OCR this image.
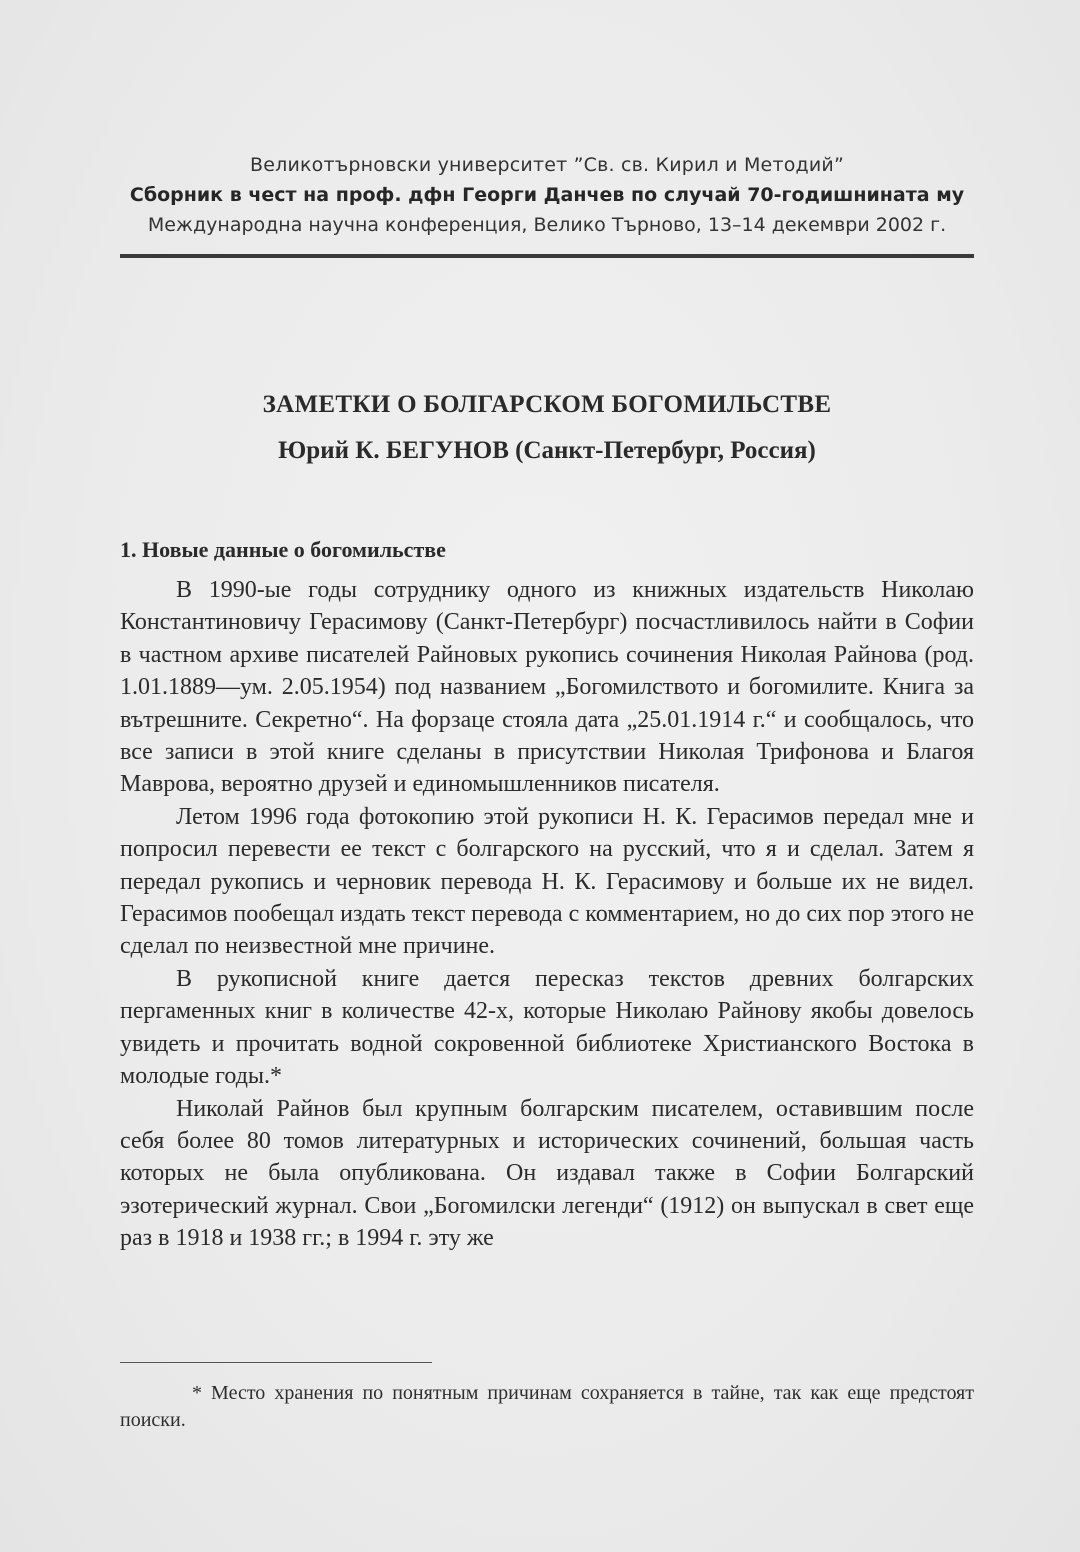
Великотърновски университет ”Св. св. Кирил и Методий”
Сборник в чест на проф. дфн Георги Данчев по случай 70-годишнината му
Международна научна конференция, Велико Търново, 13–14 декември 2002 г.
ЗАМЕТКИ О БОЛГАРСКОМ БОГОМИЛЬСТВЕ
Юрий К. БЕГУНОВ (Санкт-Петербург, Россия)
1. Новые данные о богомильстве

В 1990-ые годы сотруднику одного из книжных издательств Николаю Константиновичу Герасимову (Санкт-Петербург) посчастливилось найти в Софии в частном архиве писателей Райновых рукопись сочинения Николая Райнова (род. 1.01.1889—ум. 2.05.1954) под названием „Богомилството и богомилите. Книга за вътрешните. Секретно“. На форзаце стояла дата „25.01.1914 г.“ и сообщалось, что все записи в этой книге сделаны в присутствии Николая Трифонова и Благоя Маврова, вероятно друзей и единомышленников писателя.

Летом 1996 года фотокопию этой рукописи Н. К. Герасимов передал мне и попросил перевести ее текст с болгарского на русский, что я и сделал. Затем я передал рукопись и черновик перевода Н. К. Герасимову и больше их не видел. Герасимов пообещал издать текст перевода с комментарием, но до сих пор этого не сделал по неизвестной мне причине.

В рукописной книге дается пересказ текстов древних болгарских пергаменных книг в количестве 42-х, которые Николаю Райнову якобы довелось увидеть и прочитать водной сокровенной библиотеке Христианского Востока в молодые годы.*

Николай Райнов был крупным болгарским писателем, оставившим после себя более 80 томов литературных и исторических сочинений, большая часть которых не была опубликована. Он издавал также в Софии Болгарский эзотерический журнал. Свои „Богомилски легенди“ (1912) он выпускал в свет еще раз в 1918 и 1938 гг.; в 1994 г. эту же

* Место хранения по понятным причинам сохраняется в тайне, так как еще предстоят поиски.
